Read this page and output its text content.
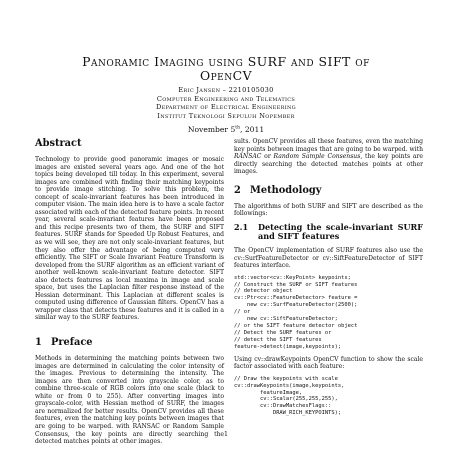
Panoramic Imaging using SURF and SIFT of
OpenCV
Eric Jansen – 2210105030
Computer Engineering and Telematics
Department of Electrical Engineering
Institut Teknologi Sepuluh Nopember
November 5th, 2011
Abstract

Technology to provide good panoramic images or mosaic images are existed several years ago. And one of the hot topics being developed till today. In this experiment, several images are combined with finding their matching keypoints to provide image stitching. To solve this problem, the concept of scale-invariant features has been introduced in computer vision. The main idea here is to have a scale factor associated with each of the detected feature points. In recent year, several scale-invariant features have been proposed and this recipe presents two of them, the SURF and SIFT features. SURF stands for Speeded Up Robust Features, and as we will see, they are not only scale-invariant features, but they also offer the advantage of being computed very efficiently. The SIFT or Scale Invariant Feature Transform is developed from the SURF algorithm as an efficient variant of another well-known scale-invariant feature detector. SIFT also detects features as local maxima in image and scale space, but uses the Laplacian filter response instead of the Hessian determinant. This Laplacian at different scales is computed using difference of Gaussian filters. OpenCV has a wrapper class that detects these features and it is called in a similar way to the SURF features.

1 Preface

Methods in determining the matching points between two images are determined in calculating the color intensity of the images. Previous to determining the intensity. The images are then converted into grayscale color, as to combine three-scale of RGB colors into one scale (black to white or from 0 to 255). After converting images into grayscale-color, with Hessian method of SURF, the images are normalized for better results. OpenCV provides all these features, even the matching key points between images that are going to be warped. with RANSAC or Random Sample Consensus, the key points are directly searching the detected matches points at other images.

sults. OpenCV provides all these features, even the matching key points between images that are going to be warped. with RANSAC or Random Sample Consensus, the key points are directly searching the detected matches points at other images.

2 Methodology

The algorithms of both SURF and SIFT are described as the followings:

2.1	Detecting the scale-invariant SURF and SIFT features

The OpenCV implementation of SURF features also use the cv::SurfFeatureDetector or cv::SiftFeatureDetector of SIFT features interface.

std::vector<cv::KeyPoint> keypoints;
// Construct the SURF or SIFT features
// detector object
cv::Ptr<cv::FeatureDetector> feature =
new cv::SurfFeatureDetector(2500);
// or
new cv::SiftFeatureDetector;
// or the SIFT feature detector object
// Detect the SURF features or
// detect the SIFT features
feature->detect(image,keypoints);

Using cv::drawKeypoints OpenCV function to show the scale factor associated with each feature:

// Draw the keypoints with scale
cv::drawKeypoints(image,keypoints,
featureImage,
cv::Scalar(255,255,255),
cv::DrawMatchesFlags::
DRAW_RICH_KEYPOINTS);
1
